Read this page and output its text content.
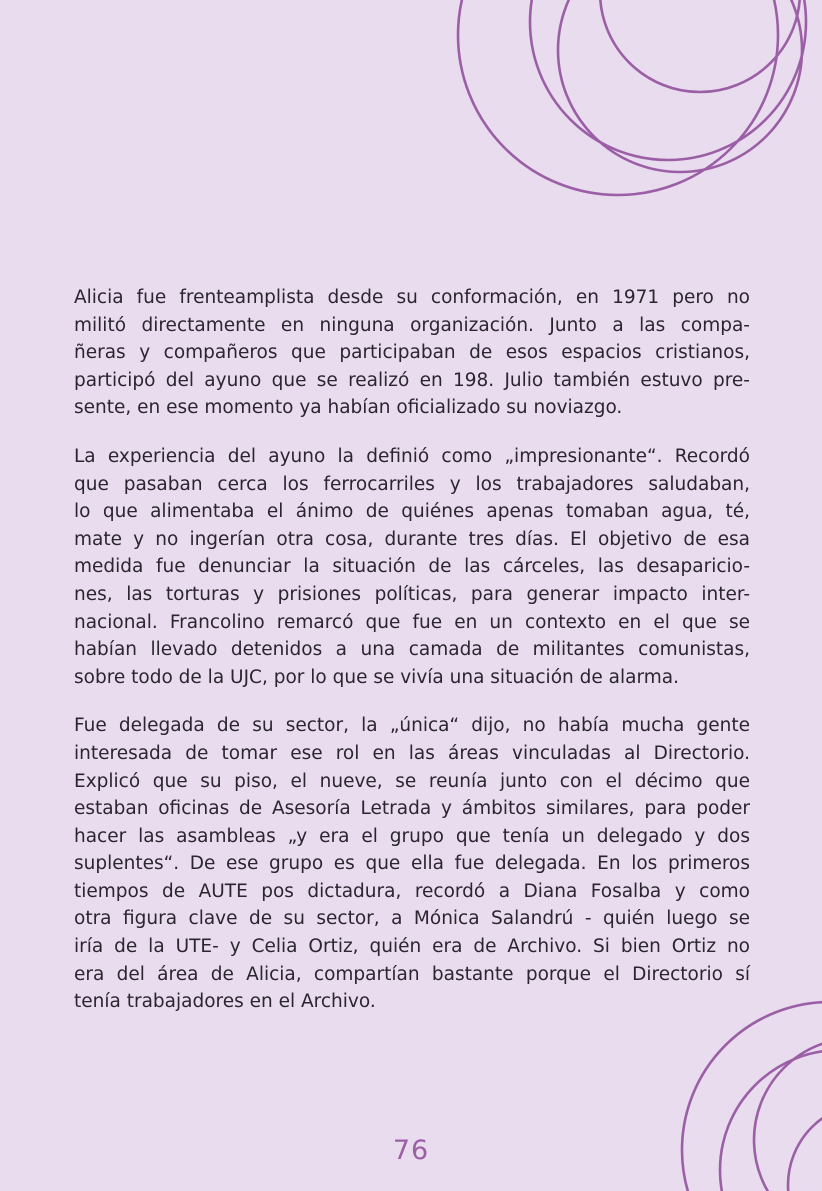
Alicia fue frenteamplista desde su conformación, en 1971 pero no
militó directamente en ninguna organización. Junto a las compa-
ñeras y compañeros que participaban de esos espacios cristianos,
participó del ayuno que se realizó en 198. Julio también estuvo pre-
sente, en ese momento ya habían oficializado su noviazgo.
La experiencia del ayuno la definió como „impresionante“. Recordó
que pasaban cerca los ferrocarriles y los trabajadores saludaban,
lo que alimentaba el ánimo de quiénes apenas tomaban agua, té,
mate y no ingerían otra cosa, durante tres días. El objetivo de esa
medida fue denunciar la situación de las cárceles, las desaparicio-
nes, las torturas y prisiones políticas, para generar impacto inter-
nacional. Francolino remarcó que fue en un contexto en el que se
habían llevado detenidos a una camada de militantes comunistas,
sobre todo de la UJC, por lo que se vivía una situación de alarma.
Fue delegada de su sector, la „única“ dijo, no había mucha gente
interesada de tomar ese rol en las áreas vinculadas al Directorio.
Explicó que su piso, el nueve, se reunía junto con el décimo que
estaban oficinas de Asesoría Letrada y ámbitos similares, para poder
hacer las asambleas „y era el grupo que tenía un delegado y dos
suplentes“. De ese grupo es que ella fue delegada. En los primeros
tiempos de AUTE pos dictadura, recordó a Diana Fosalba y como
otra figura clave de su sector, a Mónica Salandrú - quién luego se
iría de la UTE- y Celia Ortiz, quién era de Archivo. Si bien Ortiz no
era del área de Alicia, compartían bastante porque el Directorio sí
tenía trabajadores en el Archivo.
76
